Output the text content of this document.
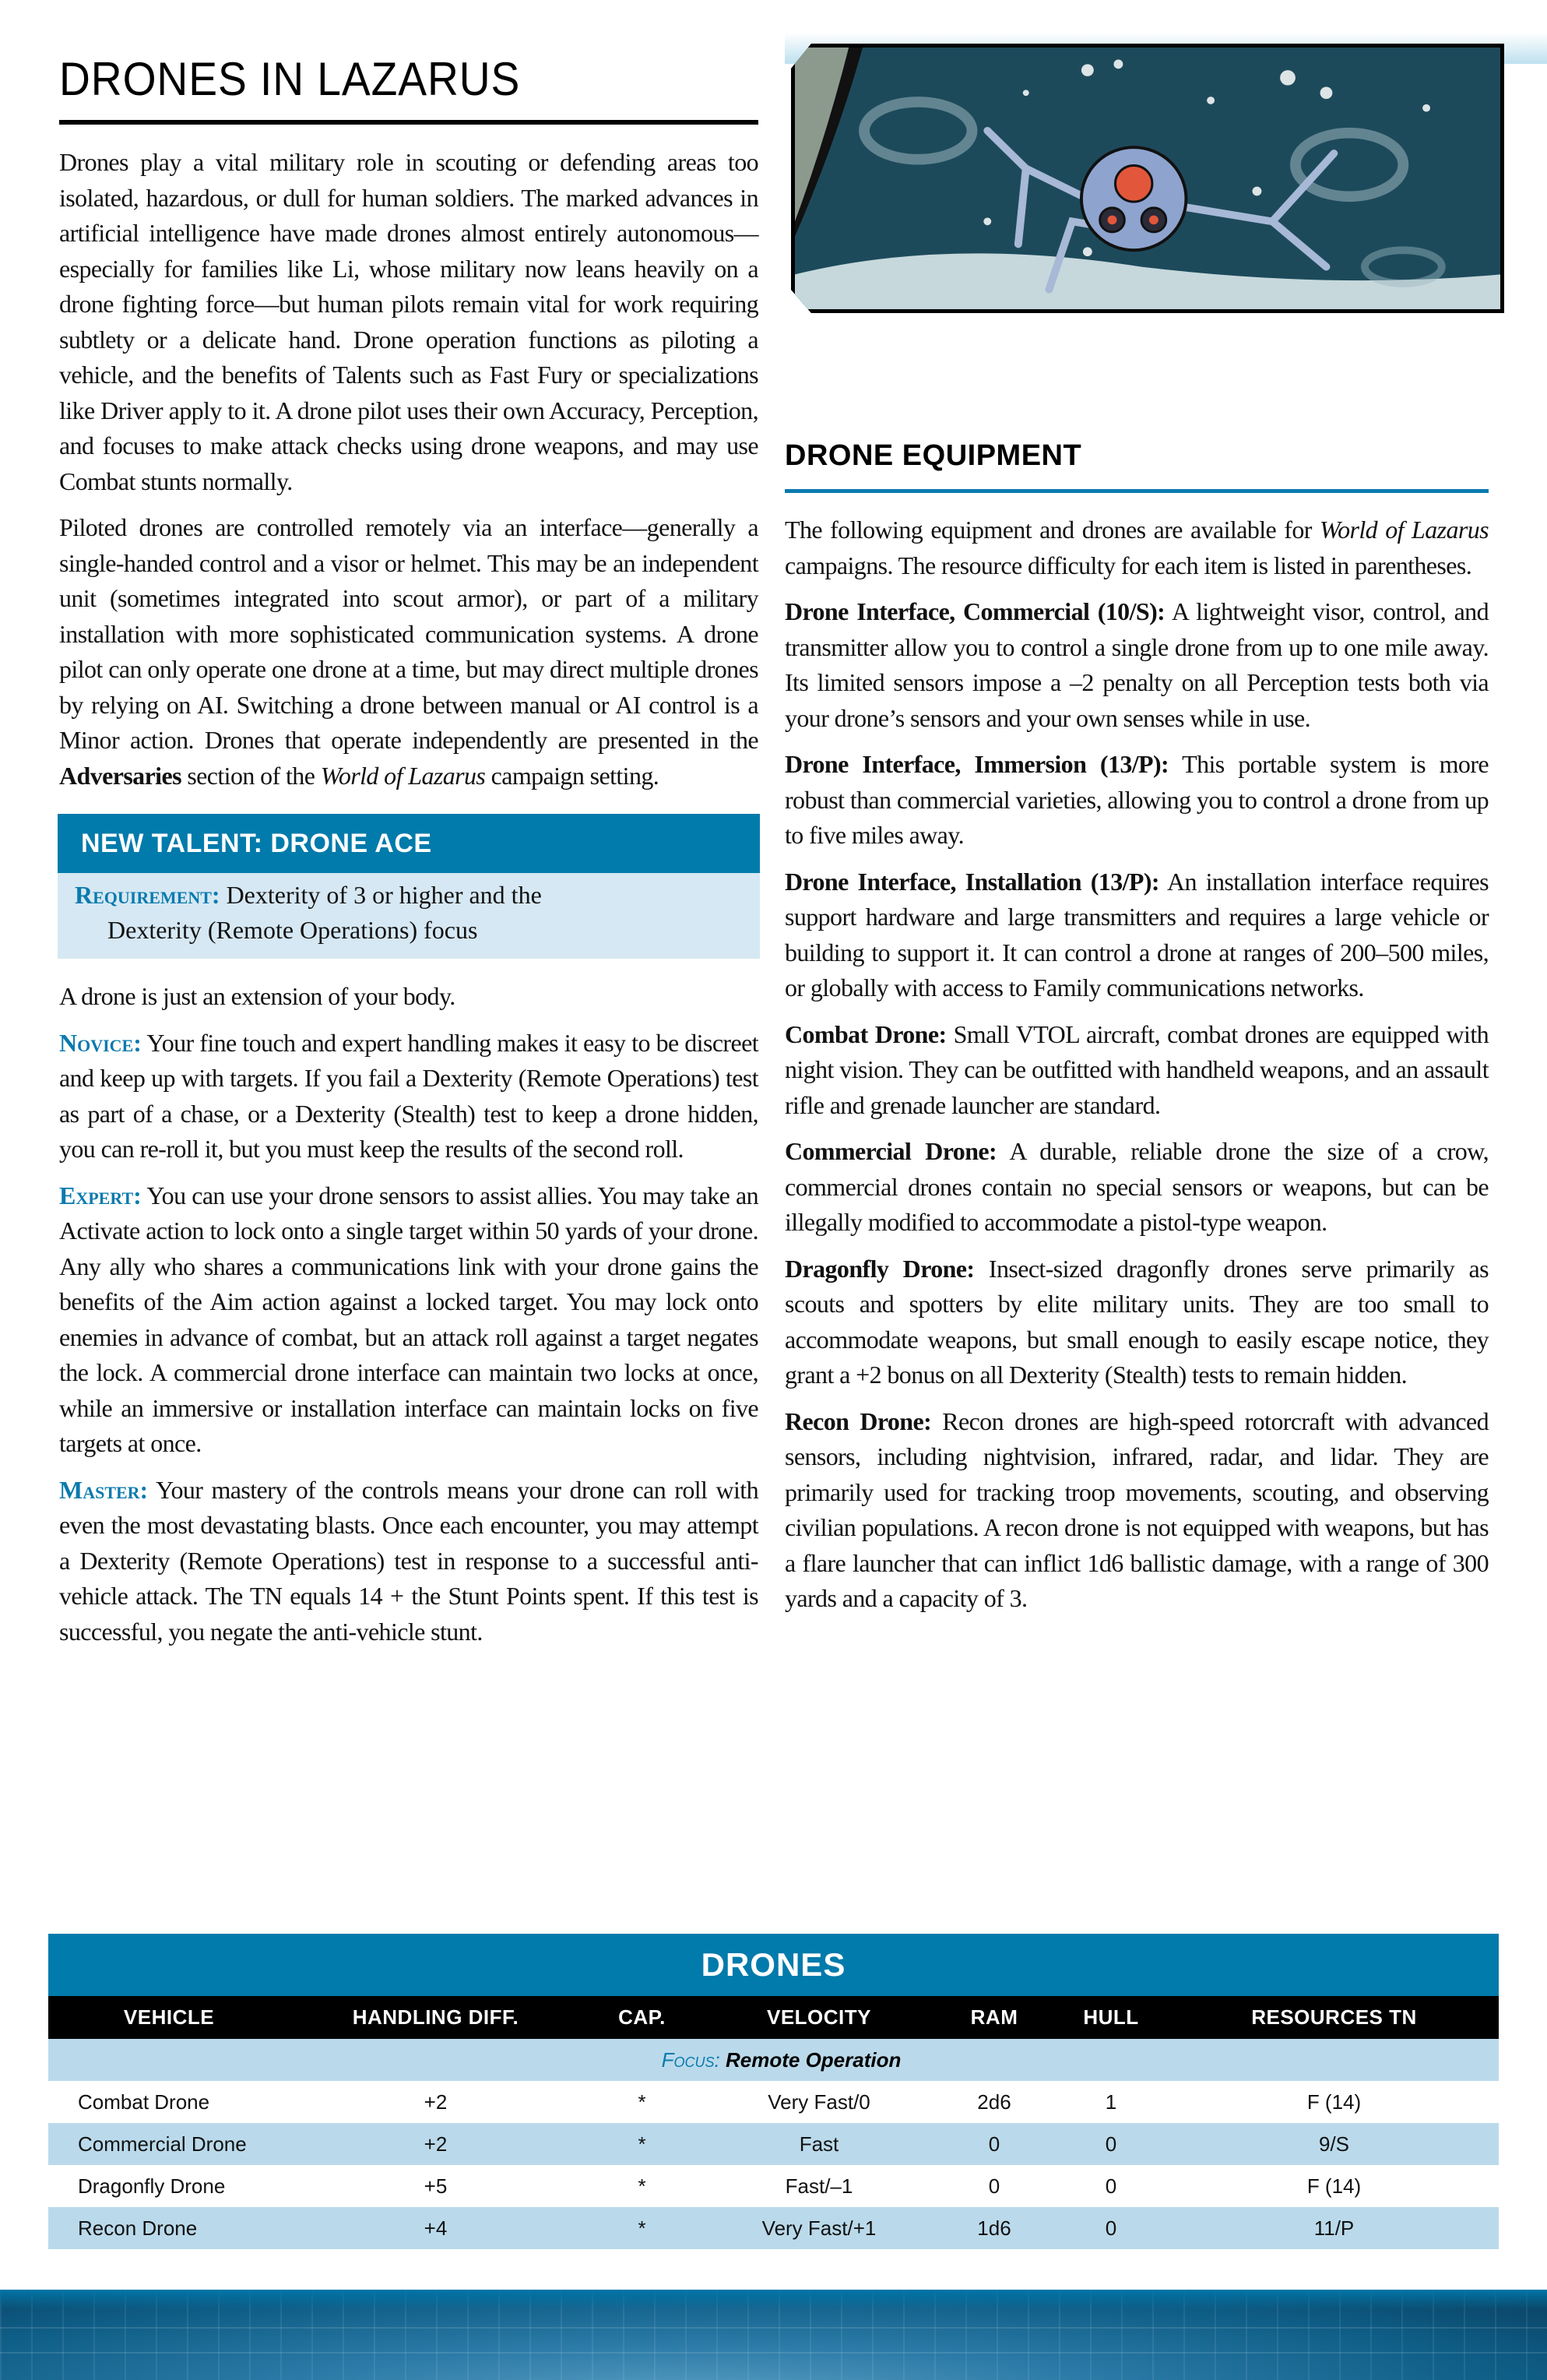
DRONES IN LAZARUS

Drones play a vital military role in scouting or defending areas too isolated, hazardous, or dull for human soldiers. The marked advances in artificial intelligence have made drones almost entirely autonomous—especially for families like Li, whose military now leans heavily on a drone fighting force—but human pilots remain vital for work requiring subtlety or a delicate hand. Drone operation functions as piloting a vehicle, and the benefits of Talents such as Fast Fury or specializations like Driver apply to it. A drone pilot uses their own Accuracy, Perception, and focuses to make attack checks using drone weapons, and may use Combat stunts normally.

Piloted drones are controlled remotely via an interface—generally a single-handed control and a visor or helmet. This may be an independent unit (sometimes integrated into scout armor), or part of a military installation with more sophisticated communication systems. A drone pilot can only operate one drone at a time, but may direct multiple drones by relying on AI. Switching a drone between manual or AI control is a Minor action. Drones that operate independently are presented in the Adversaries section of the World of Lazarus campaign setting.

NEW TALENT: DRONE ACE
Requirement: Dexterity of 3 or higher and the
Dexterity (Remote Operations) focus

A drone is just an extension of your body.

Novice: Your fine touch and expert handling makes it easy to be discreet and keep up with targets. If you fail a Dexterity (Remote Operations) test as part of a chase, or a Dexterity (Stealth) test to keep a drone hidden, you can re-roll it, but you must keep the results of the second roll.

Expert: You can use your drone sensors to assist allies. You may take an Activate action to lock onto a single target within 50 yards of your drone. Any ally who shares a communications link with your drone gains the benefits of the Aim action against a locked target. You may lock onto enemies in advance of combat, but an attack roll against a target negates the lock. A commercial drone interface can maintain two locks at once, while an immersive or installation interface can maintain locks on five targets at once.

Master: Your mastery of the controls means your drone can roll with even the most devastating blasts. Once each encounter, you may attempt a Dexterity (Remote Operations) test in response to a successful anti-vehicle attack. The TN equals 14 + the Stunt Points spent. If this test is successful, you negate the anti-vehicle stunt.

DRONE EQUIPMENT

The following equipment and drones are available for World of Lazarus campaigns. The resource difficulty for each item is listed in parentheses.

Drone Interface, Commercial (10/S): A lightweight visor, control, and transmitter allow you to control a single drone from up to one mile away. Its limited sensors impose a –2 penalty on all Perception tests both via your drone’s sensors and your own senses while in use.

Drone Interface, Immersion (13/P): This portable system is more robust than commercial varieties, allowing you to control a drone from up to five miles away.

Drone Interface, Installation (13/P): An installation interface requires support hardware and large transmitters and requires a large vehicle or building to support it. It can control a drone at ranges of 200–500 miles, or globally with access to Family communications networks.

Combat Drone: Small VTOL aircraft, combat drones are equipped with night vision. They can be outfitted with handheld weapons, and an assault rifle and grenade launcher are standard.

Commercial Drone: A durable, reliable drone the size of a crow, commercial drones contain no special sensors or weapons, but can be illegally modified to accommodate a pistol-type weapon.

Dragonfly Drone: Insect-sized dragonfly drones serve primarily as scouts and spotters by elite military units. They are too small to accommodate weapons, but small enough to easily escape notice, they grant a +2 bonus on all Dexterity (Stealth) tests to remain hidden.

Recon Drone: Recon drones are high-speed rotorcraft with advanced sensors, including nightvision, infrared, radar, and lidar. They are primarily used for tracking troop movements, scouting, and observing civilian populations. A recon drone is not equipped with weapons, but has a flare launcher that can inflict 1d6 ballistic damage, with a range of 300 yards and a capacity of 3.

DRONES
VEHICLE	HANDLING DIFF.	CAP.	VELOCITY	RAM	HULL	RESOURCES TN
Focus: Remote Operation
Combat Drone	+2	*	Very Fast/0	2d6	1	F (14)
Commercial Drone	+2	*	Fast	0	0	9/S
Dragonfly Drone	+5	*	Fast/–1	0	0	F (14)
Recon Drone	+4	*	Very Fast/+1	1d6	0	11/P
